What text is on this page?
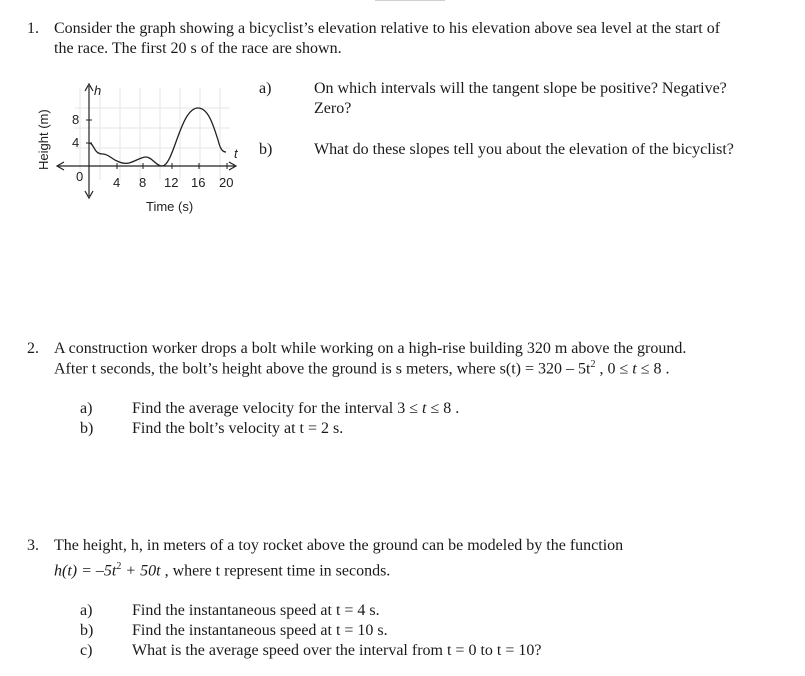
1. Consider the graph showing a bicyclist’s elevation relative to his elevation above sea level at the start of
the race. The first 20 s of the race are shown.
Height (m)
h
t
8
4
0 4 8 12 16 20
Time (s)
a)	On which intervals will the tangent slope be positive? Negative?
Zero?
b)	What do these slopes tell you about the elevation of the bicyclist?
2. A construction worker drops a bolt while working on a high-rise building 320 m above the ground.
After t seconds, the bolt’s height above the ground is s meters, where $s(t) = 320 - 5t^2$ , 0 ≤ t ≤ 8 .
a) Find the average velocity for the interval 3 ≤ t ≤ 8 .
b) Find the bolt’s velocity at t = 2 s.
3. The height, h, in meters of a toy rocket above the ground can be modeled by the function
$h(t) = -5t^2 + 50t$ , where t represent time in seconds.
a) Find the instantaneous speed at t = 4 s.
b) Find the instantaneous speed at t = 10 s.
c) What is the average speed over the interval from t = 0 to t = 10?
